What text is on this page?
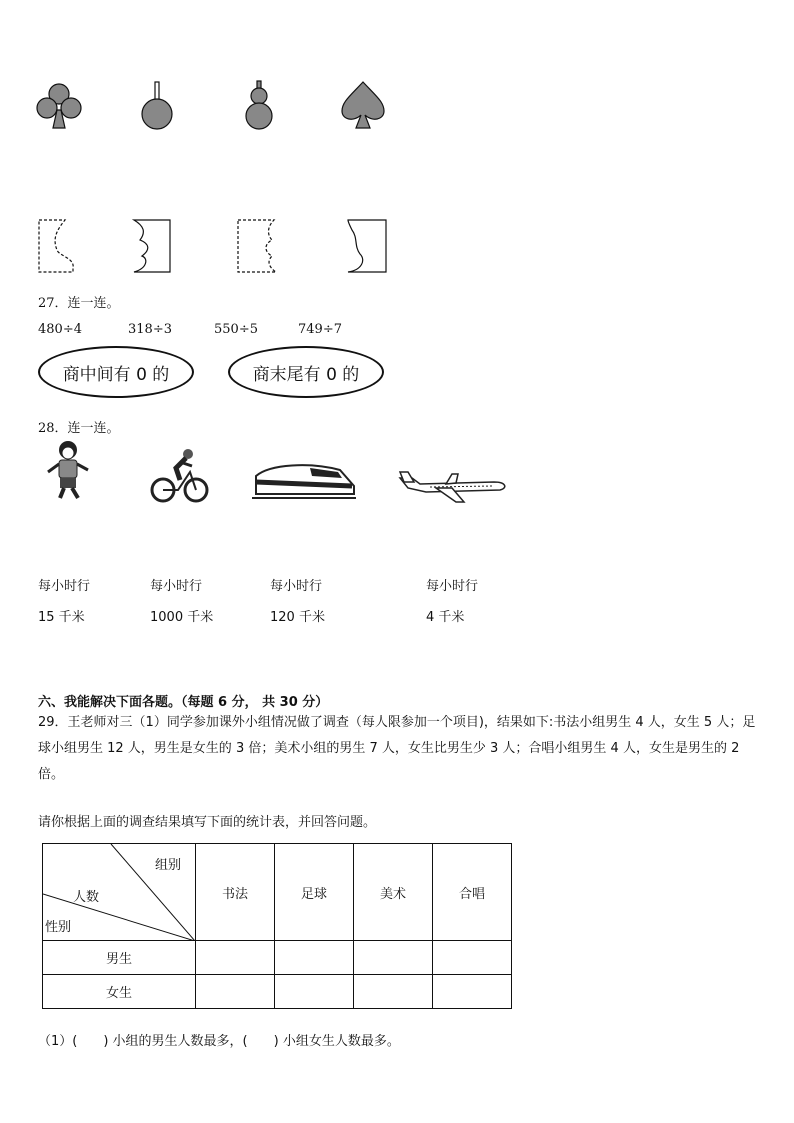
27．连一连。
480÷4	318÷3	550÷5	749÷7
商中间有 0 的	商末尾有 0 的
28．连一连。
每小时行	每小时行	每小时行	每小时行
15 千米	1000 千米	120 千米	4 千米
六、我能解决下面各题。（每题 6 分， 共 30 分）
29．王老师对三（1）同学参加课外小组情况做了调查（每人限参加一个项目)，结果如下:书法小组男生 4 人，女生 5 人；足球小组男生 12 人，男生是女生的 3 倍；美术小组的男生 7 人，女生比男生少 3 人；合唱小组男生 4 人，女生是男生的 2 倍。
请你根据上面的调查结果填写下面的统计表，并回答问题。
组别
人数
性别	书法	足球	美术	合唱
男生				
女生				
（1）(　　) 小组的男生人数最多，(　　) 小组女生人数最多。
